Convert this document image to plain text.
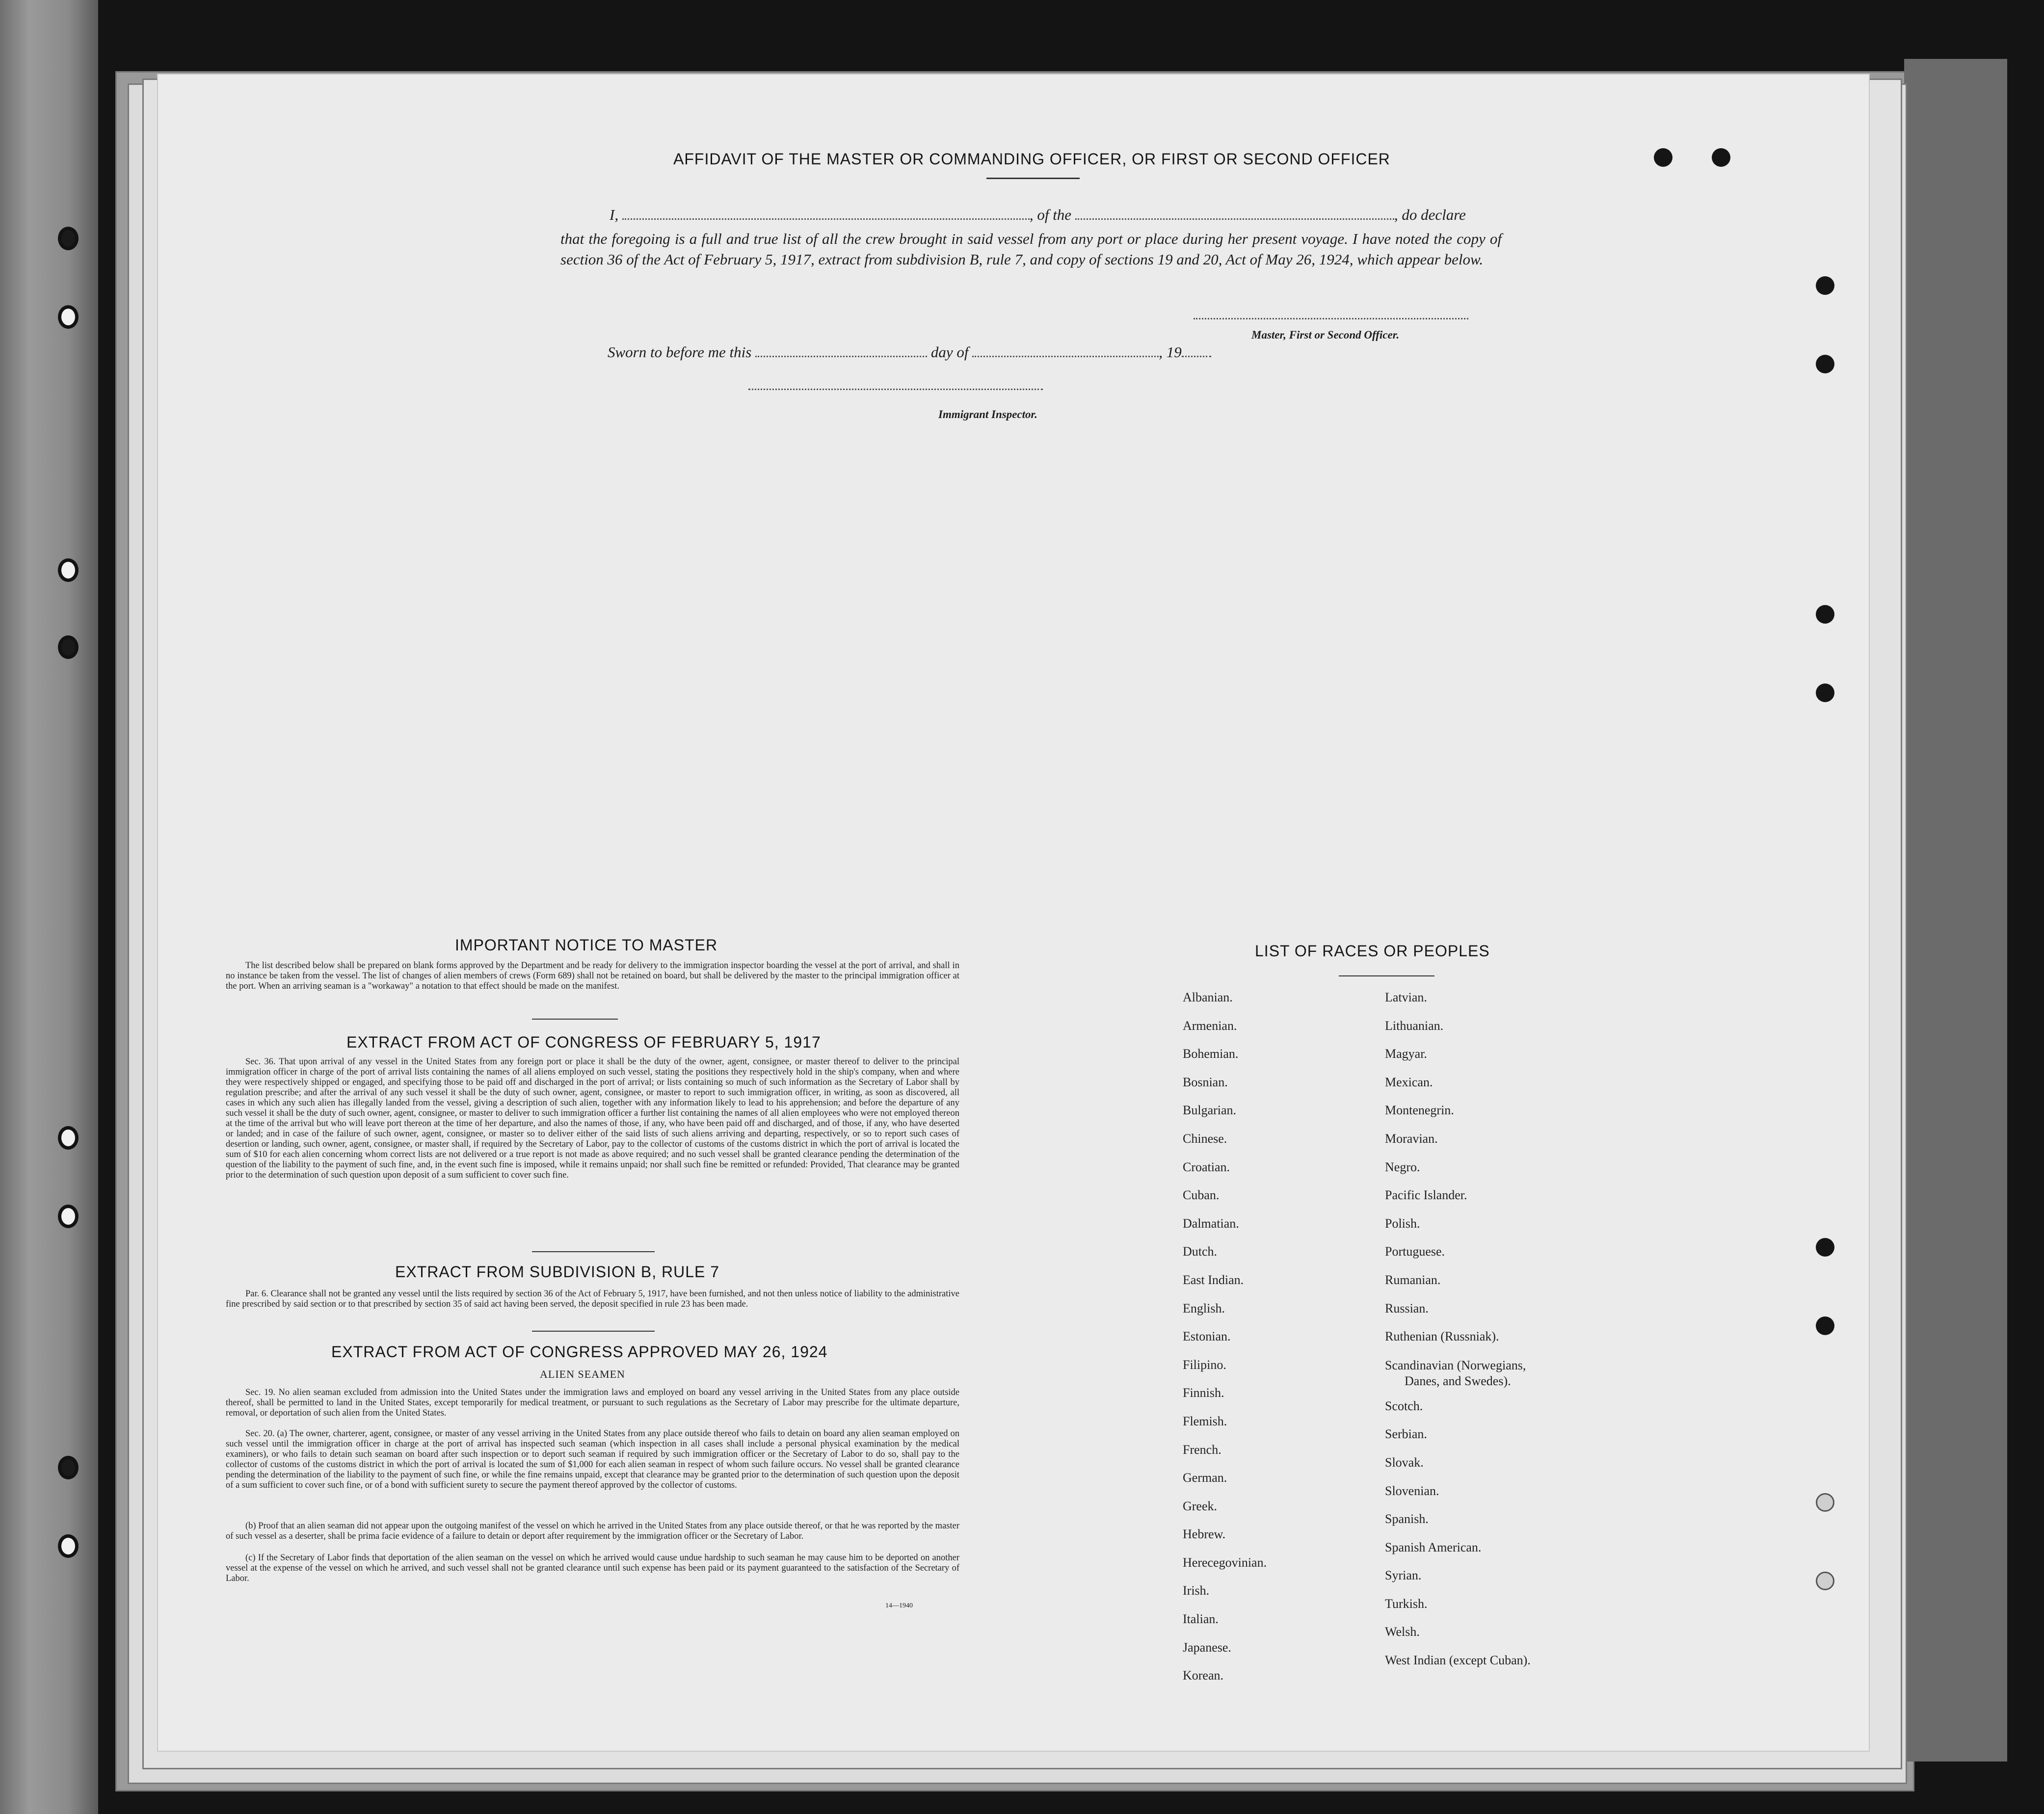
AFFIDAVIT OF THE MASTER OR COMMANDING OFFICER, OR FIRST OR SECOND OFFICER
I,	, of the	, do declare
that the foregoing is a full and true list of all the crew brought in said vessel from any port or place during her present voyage. I have noted the copy of section 36 of the Act of February 5, 1917, extract from subdivision B, rule 7, and copy of sections 19 and 20, Act of May 26, 1924, which appear below.
Master, First or Second Officer.
Sworn to before me this	day of	, 19
Immigrant Inspector.
IMPORTANT NOTICE TO MASTER
The list described below shall be prepared on blank forms approved by the Department and be ready for delivery to the immigration inspector boarding the vessel at the port of arrival, and shall in no instance be taken from the vessel. The list of changes of alien members of crews (Form 689) shall not be retained on board, but shall be delivered by the master to the principal immigration officer at the port. When an arriving seaman is a "workaway" a notation to that effect should be made on the manifest.
EXTRACT FROM ACT OF CONGRESS OF FEBRUARY 5, 1917
Sec. 36. That upon arrival of any vessel in the United States from any foreign port or place it shall be the duty of the owner, agent, consignee, or master thereof to deliver to the principal immigration officer in charge of the port of arrival lists containing the names of all aliens employed on such vessel, stating the positions they respectively hold in the ship's company, when and where they were respectively shipped or engaged, and specifying those to be paid off and discharged in the port of arrival; or lists containing so much of such information as the Secretary of Labor shall by regulation prescribe; and after the arrival of any such vessel it shall be the duty of such owner, agent, consignee, or master to report to such immigration officer, in writing, as soon as discovered, all cases in which any such alien has illegally landed from the vessel, giving a description of such alien, together with any information likely to lead to his apprehension; and before the departure of any such vessel it shall be the duty of such owner, agent, consignee, or master to deliver to such immigration officer a further list containing the names of all alien employees who were not employed thereon at the time of the arrival but who will leave port thereon at the time of her departure, and also the names of those, if any, who have been paid off and discharged, and of those, if any, who have deserted or landed; and in case of the failure of such owner, agent, consignee, or master so to deliver either of the said lists of such aliens arriving and departing, respectively, or so to report such cases of desertion or landing, such owner, agent, consignee, or master shall, if required by the Secretary of Labor, pay to the collector of customs of the customs district in which the port of arrival is located the sum of $10 for each alien concerning whom correct lists are not delivered or a true report is not made as above required; and no such vessel shall be granted clearance pending the determination of the question of the liability to the payment of such fine, and, in the event such fine is imposed, while it remains unpaid; nor shall such fine be remitted or refunded: Provided, That clearance may be granted prior to the determination of such question upon deposit of a sum sufficient to cover such fine.
EXTRACT FROM SUBDIVISION B, RULE 7
Par. 6. Clearance shall not be granted any vessel until the lists required by section 36 of the Act of February 5, 1917, have been furnished, and not then unless notice of liability to the administrative fine prescribed by said section or to that prescribed by section 35 of said act having been served, the deposit specified in rule 23 has been made.
EXTRACT FROM ACT OF CONGRESS APPROVED MAY 26, 1924
ALIEN SEAMEN
Sec. 19. No alien seaman excluded from admission into the United States under the immigration laws and employed on board any vessel arriving in the United States from any place outside thereof, shall be permitted to land in the United States, except temporarily for medical treatment, or pursuant to such regulations as the Secretary of Labor may prescribe for the ultimate departure, removal, or deportation of such alien from the United States.
Sec. 20. (a) The owner, charterer, agent, consignee, or master of any vessel arriving in the United States from any place outside thereof who fails to detain on board any alien seaman employed on such vessel until the immigration officer in charge at the port of arrival has inspected such seaman (which inspection in all cases shall include a personal physical examination by the medical examiners), or who fails to detain such seaman on board after such inspection or to deport such seaman if required by such immigration officer or the Secretary of Labor to do so, shall pay to the collector of customs of the customs district in which the port of arrival is located the sum of $1,000 for each alien seaman in respect of whom such failure occurs. No vessel shall be granted clearance pending the determination of the liability to the payment of such fine, or while the fine remains unpaid, except that clearance may be granted prior to the determination of such question upon the deposit of a sum sufficient to cover such fine, or of a bond with sufficient surety to secure the payment thereof approved by the collector of customs.
(b) Proof that an alien seaman did not appear upon the outgoing manifest of the vessel on which he arrived in the United States from any place outside thereof, or that he was reported by the master of such vessel as a deserter, shall be prima facie evidence of a failure to detain or deport after requirement by the immigration officer or the Secretary of Labor.
(c) If the Secretary of Labor finds that deportation of the alien seaman on the vessel on which he arrived would cause undue hardship to such seaman he may cause him to be deported on another vessel at the expense of the vessel on which he arrived, and such vessel shall not be granted clearance until such expense has been paid or its payment guaranteed to the satisfaction of the Secretary of Labor.
14—1940
LIST OF RACES OR PEOPLES
Albanian.
Armenian.
Bohemian.
Bosnian.
Bulgarian.
Chinese.
Croatian.
Cuban.
Dalmatian.
Dutch.
East Indian.
English.
Estonian.
Filipino.
Finnish.
Flemish.
French.
German.
Greek.
Hebrew.
Herecegovinian.
Irish.
Italian.
Japanese.
Korean.
Latvian.
Lithuanian.
Magyar.
Mexican.
Montenegrin.
Moravian.
Negro.
Pacific Islander.
Polish.
Portuguese.
Rumanian.
Russian.
Ruthenian (Russniak).
Scandinavian (Norwegians,
Danes, and Swedes).
Scotch.
Serbian.
Slovak.
Slovenian.
Spanish.
Spanish American.
Syrian.
Turkish.
Welsh.
West Indian (except Cuban).
